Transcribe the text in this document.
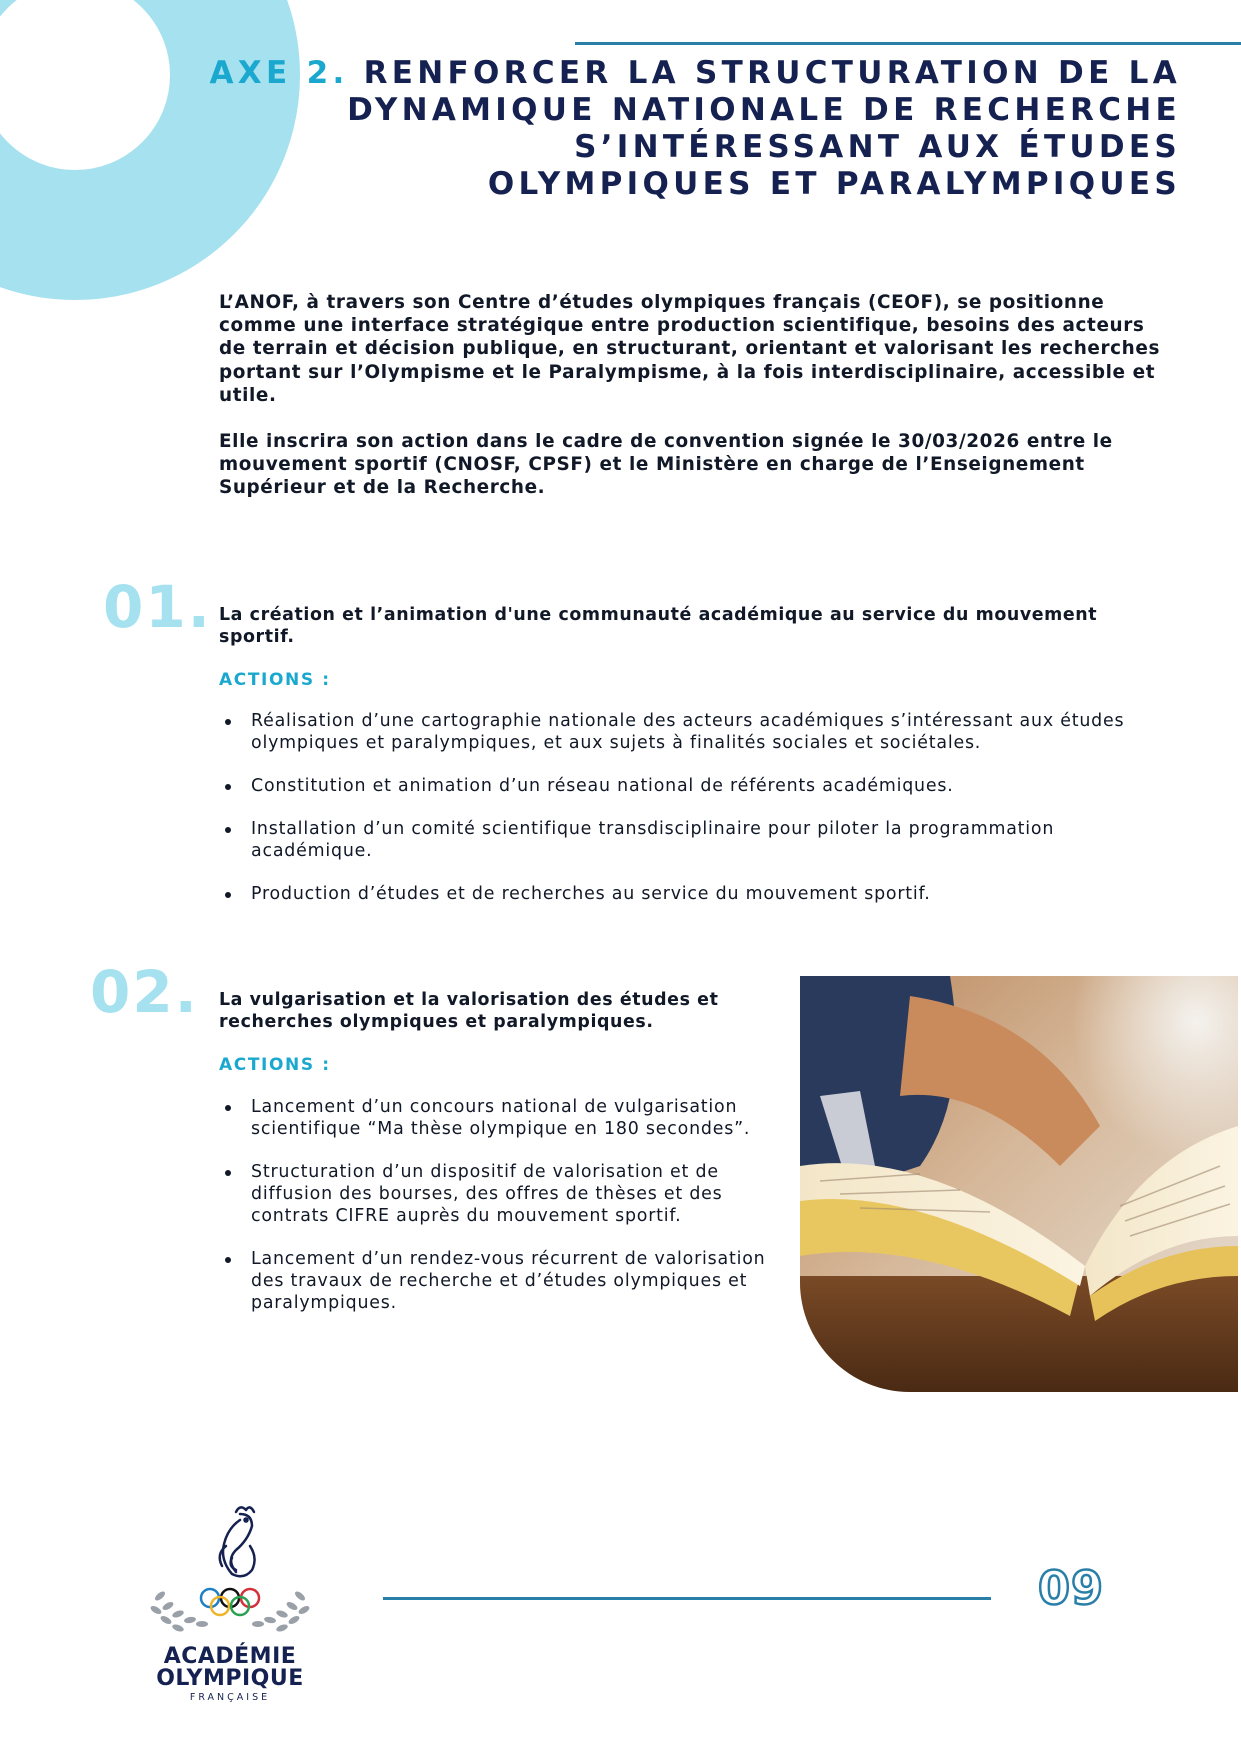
AXE 2. RENFORCER LA STRUCTURATION DE LA
DYNAMIQUE NATIONALE DE RECHERCHE
S’INTÉRESSANT AUX ÉTUDES
OLYMPIQUES ET PARALYMPIQUES

L’ANOF, à travers son Centre d’études olympiques français (CEOF), se positionne comme une interface stratégique entre production scientifique, besoins des acteurs de terrain et décision publique, en structurant, orientant et valorisant les recherches portant sur l’Olympisme et le Paralympisme, à la fois interdisciplinaire, accessible et utile.

Elle inscrira son action dans le cadre de convention signée le 30/03/2026 entre le mouvement sportif (CNOSF, CPSF) et le Ministère en charge de l’Enseignement Supérieur et de la Recherche.

01. La création et l’animation d'une communauté académique au service du mouvement sportif.
ACTIONS :
Réalisation d’une cartographie nationale des acteurs académiques s’intéressant aux études olympiques et paralympiques, et aux sujets à finalités sociales et sociétales.
Constitution et animation d’un réseau national de référents académiques.
Installation d’un comité scientifique transdisciplinaire pour piloter la programmation académique.
Production d’études et de recherches au service du mouvement sportif.
02. La vulgarisation et la valorisation des études et recherches olympiques et paralympiques.
ACTIONS :
Lancement d’un concours national de vulgarisation scientifique “Ma thèse olympique en 180 secondes”.
Structuration d’un dispositif de valorisation et de diffusion des bourses, des offres de thèses et des contrats CIFRE auprès du mouvement sportif.
Lancement d’un rendez-vous récurrent de valorisation des travaux de recherche et d’études olympiques et paralympiques.
09
ACADÉMIE
OLYMPIQUE
FRANÇAISE
